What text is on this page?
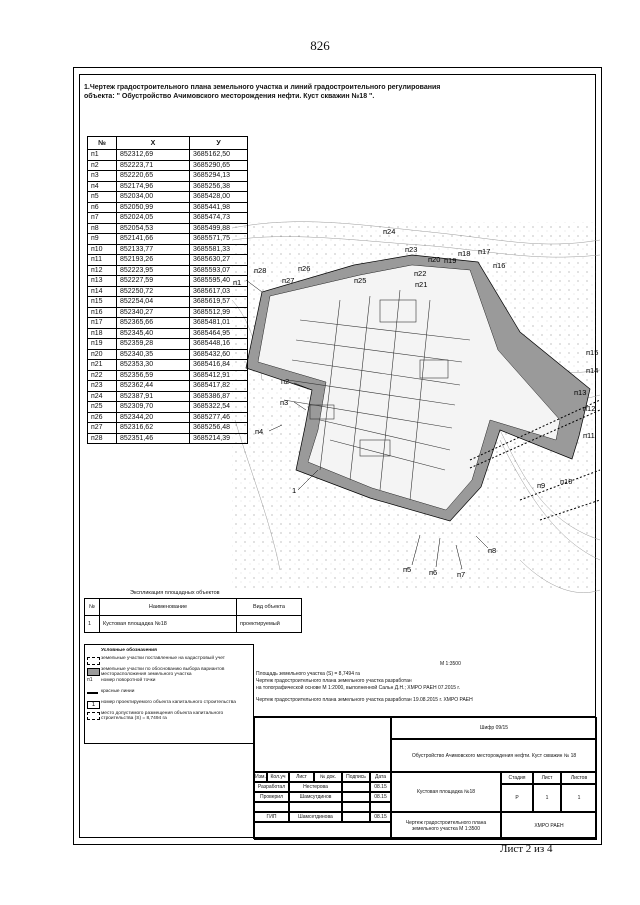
826
1.Чертеж градостроительного плана земельного участка и линий градостроительного регулирования
объекта: " Обустройство Ачимовского месторождения нефти. Куст скважин №18 ".
п1
п2
п3
п4
п5 п6	п7
п8
п9 п10
п11
п12
п13
п14
п15
п16
п17
п18
п19
п20
п21
п22
п23
п24
п25
п26
п27
п28
1
№	X	У
п1	852312,69	3685162,50
п2	852223,71	3685290,65
п3	852220,65	3685294,13
п4	852174,96	3685256,38
п5	852034,00	3685428,00
п6	852050,99	3685441,98
п7	852024,05	3685474,73
п8	852054,53	3685499,88
п9	852141,66	3685571,75
п10	852133,77	3685581,33
п11	852193,26	3685630,27
п12	852223,95	3685593,07
п13	852227,59	3685595,40
п14	852250,72	3685617,03
п15	852254,04	3685619,57
п16	852340,27	3685512,99
п17	852365,66	3685481,01
п18	852345,40	3685464,95
п19	852359,28	3685448,16
п20	852340,35	3685432,60
п21	852353,30	3685416,84
п22	852356,59	3685412,91
п23	852362,44	3685417,82
п24	852387,91	3685386,87
п25	852309,70	3685322,54
п26	852344,20	3685277,46
п27	852316,62	3685256,48
п28	852351,46	3685214,39
Экспликация площадных объектов
№	Наименование	Вид объекта
1	Кустовая площадка №18	проектируемый
Условные обозначения
земельные участки поставленные на кадастровый учет
земельные участки по обоснованию выбора вариантов месторасположения земельного участка
п1	номер поворотной точки
красные линии
1	номер проектируемого объекта капитального строительства
место допустимого размещения объекта капитального строительства (S) = 8,7494 га
М 1:3500
Площадь земельного участка (S) = 8,7494 га
Чертеж градостроительного плана земельного участка разработан
на топографической основе М 1:2000, выполненной Сальн Д.Н.; ХМРО РАЕН 07.2015 г.
Чертеж градостроительного плана земельного участка разработан 19.08.2015 г. ХМРО РАЕН
Шифр 09/15
Обустройство Ачимовского месторождения нефти. Куст скважин № 18
Изм. Кол.уч	Лист	№ док.	Подпись	Дата
Разработал	Нестерова	08.15
Проверил	Шамсутдинов	08.15
ГИП	Шамсетдинова	08.15
Кустовая площадка №18
Стадия	Лист	Листов
Р	1	1
Чертеж градостроительного плана земельного участка М 1:3500	ХМРО РАЕН
Лист 2 из 4
